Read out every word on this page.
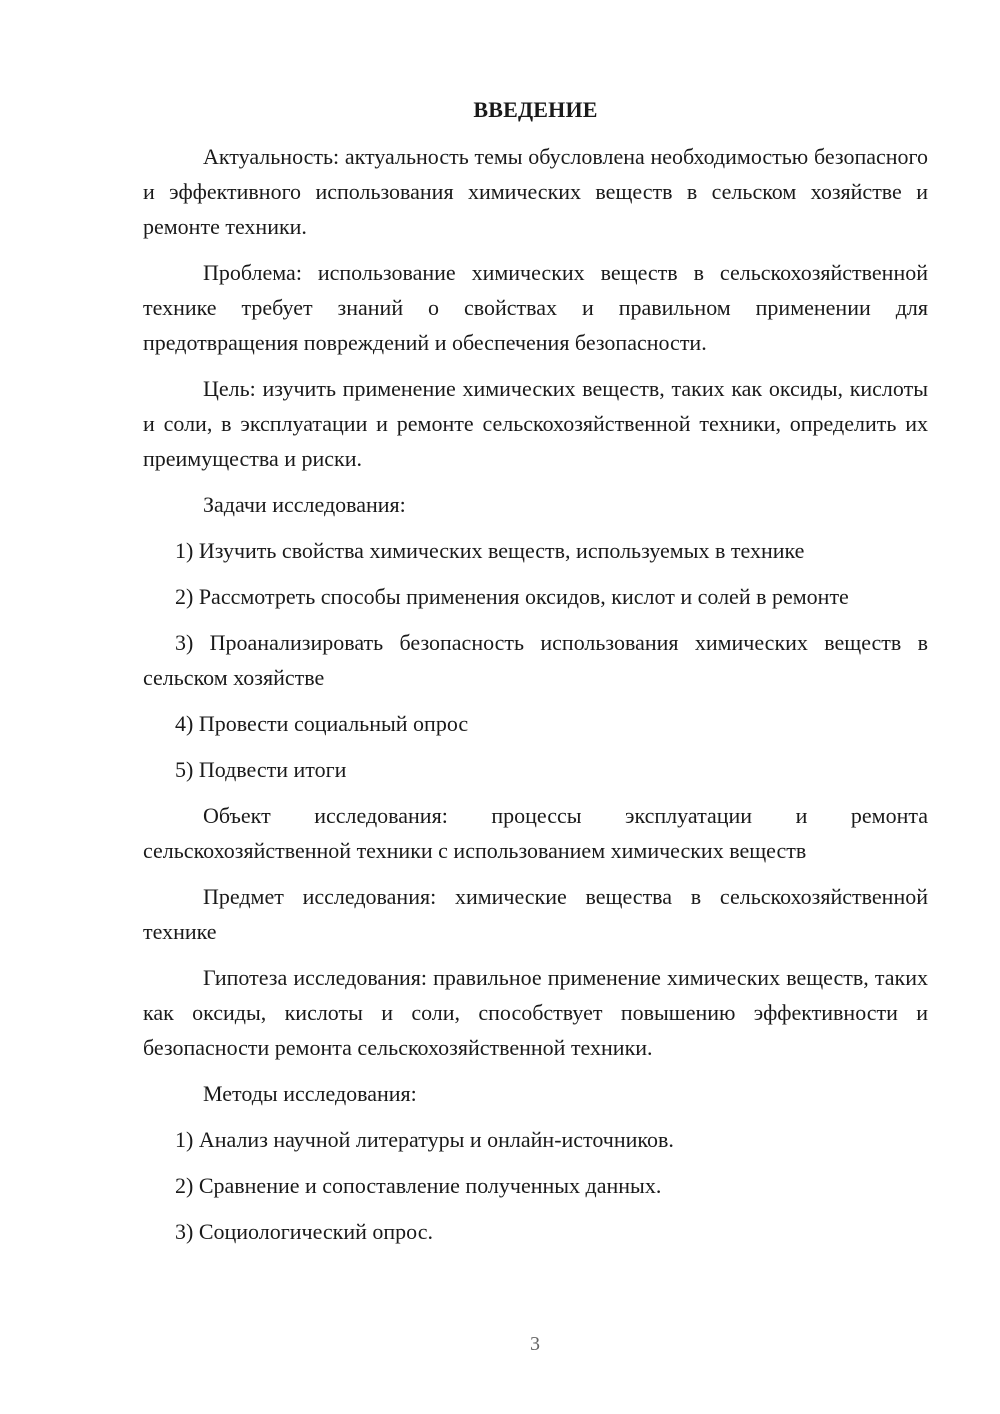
ВВЕДЕНИЕ

Актуальность: актуальность темы обусловлена необходимостью безопасного и эффективного использования химических веществ в сельском хозяйстве и ремонте техники.

Проблема: использование химических веществ в сельскохозяйственной технике требует знаний о свойствах и правильном применении для предотвращения повреждений и обеспечения безопасности.

Цель: изучить применение химических веществ, таких как оксиды, кислоты и соли, в эксплуатации и ремонте сельскохозяйственной техники, определить их преимущества и риски.

Задачи исследования:

1) Изучить свойства химических веществ, используемых в технике

2) Рассмотреть способы применения оксидов, кислот и солей в ремонте

3) Проанализировать безопасность использования химических веществ в сельском хозяйстве

4) Провести социальный опрос

5) Подвести итоги

Объект исследования: процессы эксплуатации и ремонта сельскохозяйственной техники с использованием химических веществ

Предмет исследования: химические вещества в сельскохозяйственной технике

Гипотеза исследования: правильное применение химических веществ, таких как оксиды, кислоты и соли, способствует повышению эффективности и безопасности ремонта сельскохозяйственной техники.

Методы исследования:

1) Анализ научной литературы и онлайн-источников.

2) Сравнение и сопоставление полученных данных.

3) Социологический опрос.

3
